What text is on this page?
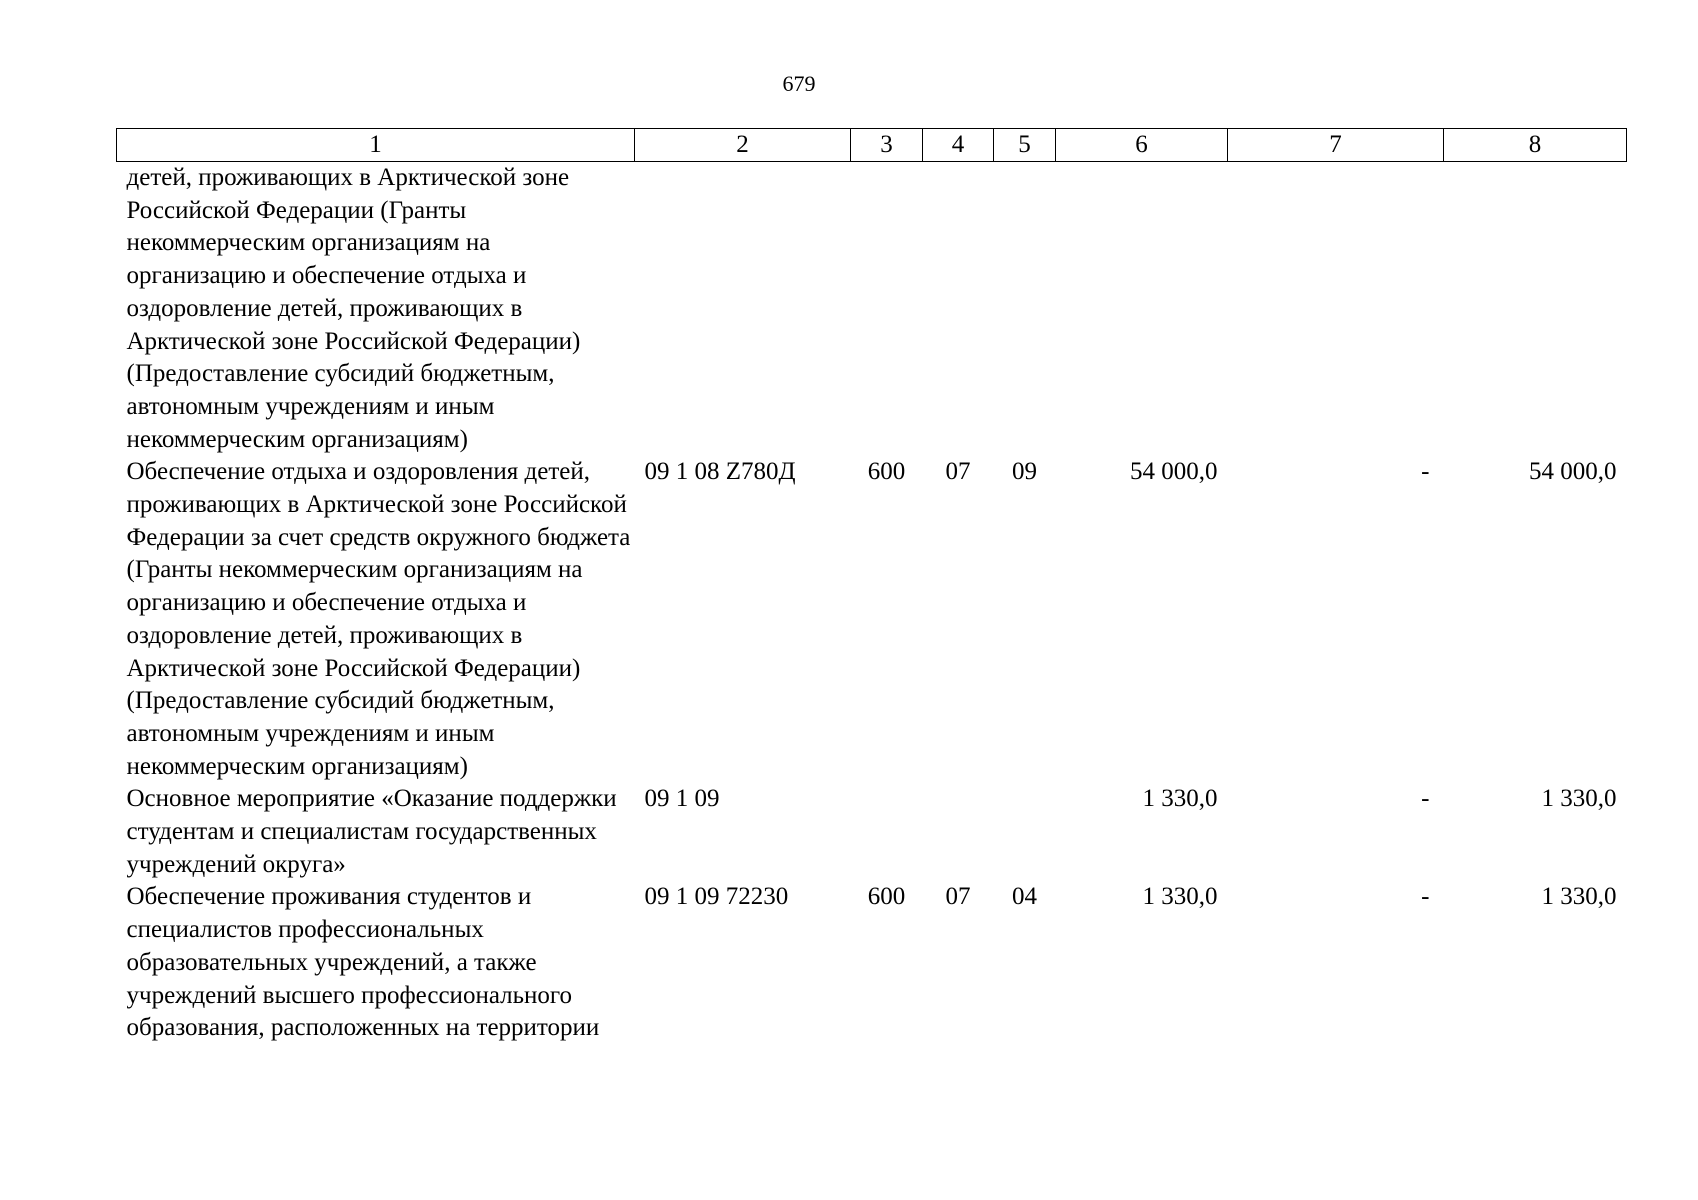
679
1	2	3	4	5	6	7	8
детей, проживающих в Арктической зоне Российской Федерации (Гранты некоммерческим организациям на организацию и обеспечение отдыха и оздоровление детей, проживающих в Арктической зоне Российской Федерации) (Предоставление субсидий бюджетным, автономным учреждениям и иным некоммерческим организациям)							
Обеспечение отдыха и оздоровления детей, проживающих в Арктической зоне Российской Федерации за счет средств окружного бюджета (Гранты некоммерческим организациям на организацию и обеспечение отдыха и оздоровление детей, проживающих в Арктической зоне Российской Федерации) (Предоставление субсидий бюджетным, автономным учреждениям и иным некоммерческим организациям)	09 1 08 Z780Д	600	07	09	54 000,0	-	54 000,0
Основное мероприятие «Оказание поддержки студентам и специалистам государственных учреждений округа»	09 1 09				1 330,0	-	1 330,0
Обеспечение проживания студентов и специалистов профессиональных образовательных учреждений, а также учреждений высшего профессионального образования, расположенных на территории	09 1 09 72230	600	07	04	1 330,0	-	1 330,0
